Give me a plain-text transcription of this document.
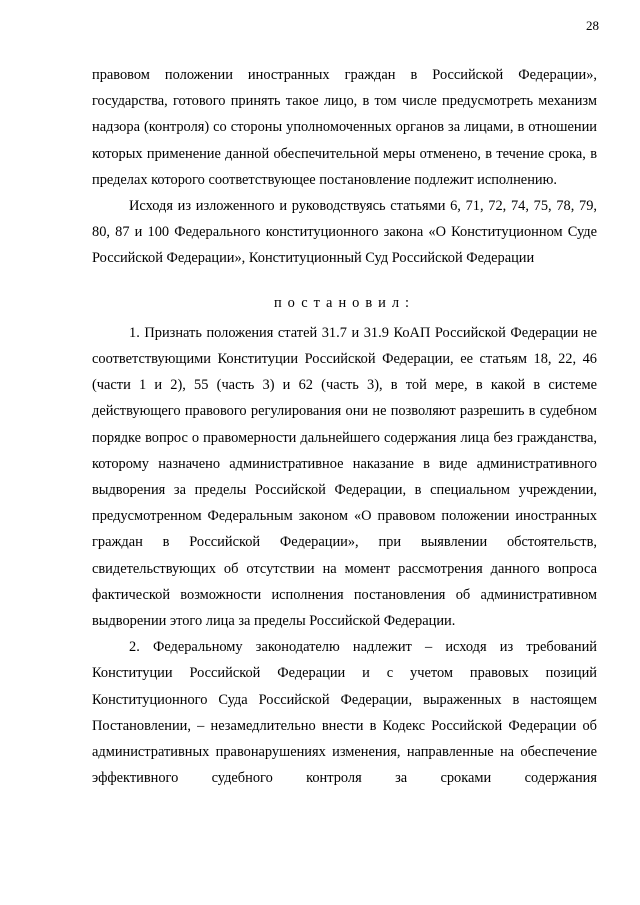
28

правовом положении иностранных граждан в Российской Федерации», государства, готового принять такое лицо, в том числе предусмотреть механизм надзора (контроля) со стороны уполномоченных органов за лицами, в отношении которых применение данной обеспечительной меры отменено, в течение срока, в пределах которого соответствующее постановление подлежит исполнению.

Исходя из изложенного и руководствуясь статьями 6, 71, 72, 74, 75, 78, 79, 80, 87 и 100 Федерального конституционного закона «О Конституционном Суде Российской Федерации», Конституционный Суд Российской Федерации

постановил:

1. Признать положения статей 31.7 и 31.9 КоАП Российской Федерации не соответствующими Конституции Российской Федерации, ее статьям 18, 22, 46 (части 1 и 2), 55 (часть 3) и 62 (часть 3), в той мере, в какой в системе действующего правового регулирования они не позволяют разрешить в судебном порядке вопрос о правомерности дальнейшего содержания лица без гражданства, которому назначено административное наказание в виде административного выдворения за пределы Российской Федерации, в специальном учреждении, предусмотренном Федеральным законом «О правовом положении иностранных граждан в Российской Федерации», при выявлении обстоятельств, свидетельствующих об отсутствии на момент рассмотрения данного вопроса фактической возможности исполнения постановления об административном выдворении этого лица за пределы Российской Федерации.

2. Федеральному законодателю надлежит – исходя из требований Конституции Российской Федерации и с учетом правовых позиций Конституционного Суда Российской Федерации, выраженных в настоящем Постановлении, – незамедлительно внести в Кодекс Российской Федерации об административных правонарушениях изменения, направленные на обеспечение эффективного судебного контроля за сроками содержания
